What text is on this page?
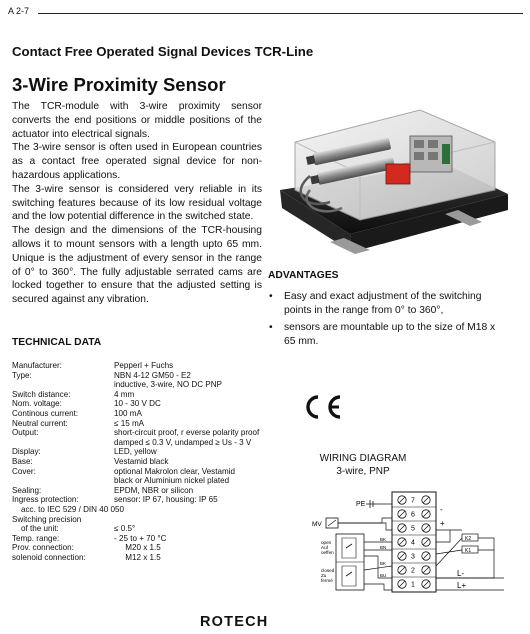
A 2-7
Contact Free Operated Signal Devices TCR-Line
3-Wire Proximity Sensor

The TCR-module with 3-wire proximity sensor converts the end positions or middle positions of the actuator into electrical signals.

The 3-wire sensor is often used in European countries as a contact free operated signal device for non-hazardous applications.

The 3-wire sensor is considered very reliable in its switching features because of its low residual voltage and the low potential difference in the switched state.

The design and the dimensions of the TCR-housing allows it to mount sensors with a length upto 65 mm. Unique is the adjustment of every sensor in the range of 0° to 360°. The fully adjustable serrated cams are locked together to ensure that the adjusted setting is secured against any vibration.

ADVANTAGES
• Easy and exact adjustment of the switching points in the range from 0° to 360°,
• sensors are mountable up to the size of M18 x 65 mm.
TECHNICAL DATA
Manufacturer:	Pepperl + Fuchs
Type:	NBN 4-12 GM50 - E2
inductive, 3-wire, NO DC PNP
Switch distance:	4 mm
Nom. voltage:	10 - 30 V DC
Continous current:	100 mA
Neutral current:	≤ 15 mA
Output:	short-circuit proof, r everse polarity proof
damped ≤ 0.3 V, undamped ≥ Us - 3 V
Display:	LED, yellow
Base:	Vestamid black
Cover:	optional Makrolon clear, Vestamid
black or Aluminium nickel plated
Sealing:	EPDM, NBR or silicon
Ingress protection:	sensor: IP 67, housing: IP 65
acc. to IEC 529 / DIN 40 050
Switching precision
of the unit:	≤ 0.5°
Temp. range:	- 25 to + 70 °C
Prov. connection:	M20 x 1.5
solenoid connection:	M12 x 1.5
WIRING DIAGRAM
3-wire, PNP
7
6
5
4
3
2
1
PE
MV
open
Auf
oeffen
closed
Zu
fermé
BK
BN
BK
BU
-
+
K2
K1
L-
L+
ROTECH
